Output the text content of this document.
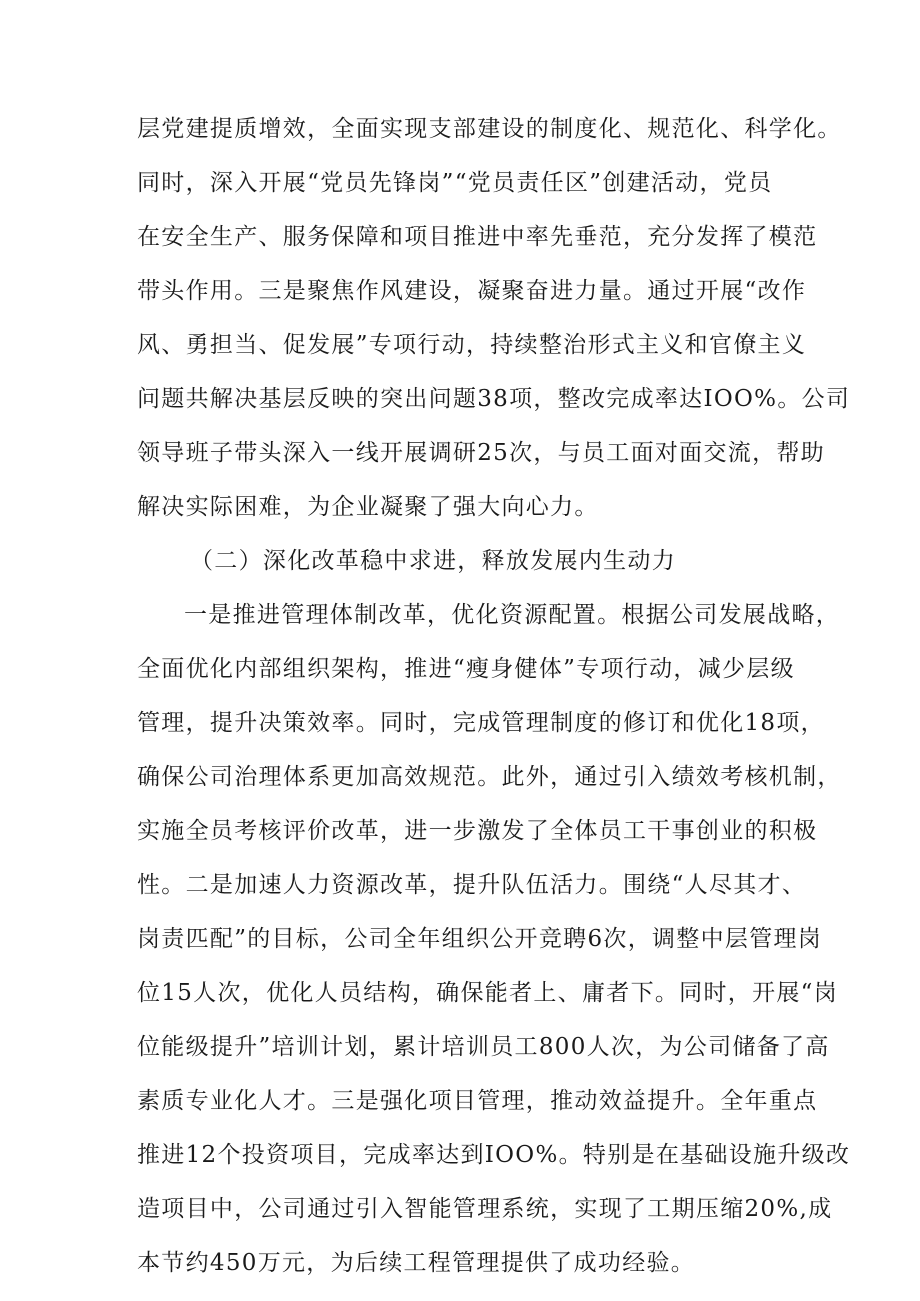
层党建提质增效，全面实现支部建设的制度化、规范化、科学化。
同时，深入开展“党员先锋岗”“党员责任区”创建活动，党员
在安全生产、服务保障和项目推进中率先垂范，充分发挥了模范
带头作用。三是聚焦作风建设，凝聚奋进力量。通过开展“改作
风、勇担当、促发展”专项行动，持续整治形式主义和官僚主义
问题共解决基层反映的突出问题38项，整改完成率达IOO%。公司
领导班子带头深入一线开展调研25次，与员工面对面交流，帮助
解决实际困难，为企业凝聚了强大向心力。
（二）深化改革稳中求进，释放发展内生动力
一是推进管理体制改革，优化资源配置。根据公司发展战略，
全面优化内部组织架构，推进“瘦身健体”专项行动，减少层级
管理，提升决策效率。同时，完成管理制度的修订和优化18项，
确保公司治理体系更加高效规范。此外，通过引入绩效考核机制，
实施全员考核评价改革，进一步激发了全体员工干事创业的积极
性。二是加速人力资源改革，提升队伍活力。围绕“人尽其才、
岗责匹配”的目标，公司全年组织公开竞聘6次，调整中层管理岗
位15人次，优化人员结构，确保能者上、庸者下。同时，开展“岗
位能级提升”培训计划，累计培训员工800人次，为公司储备了高
素质专业化人才。三是强化项目管理，推动效益提升。全年重点
推进12个投资项目，完成率达到IOO%。特别是在基础设施升级改
造项目中，公司通过引入智能管理系统，实现了工期压缩20%,成
本节约450万元，为后续工程管理提供了成功经验。
